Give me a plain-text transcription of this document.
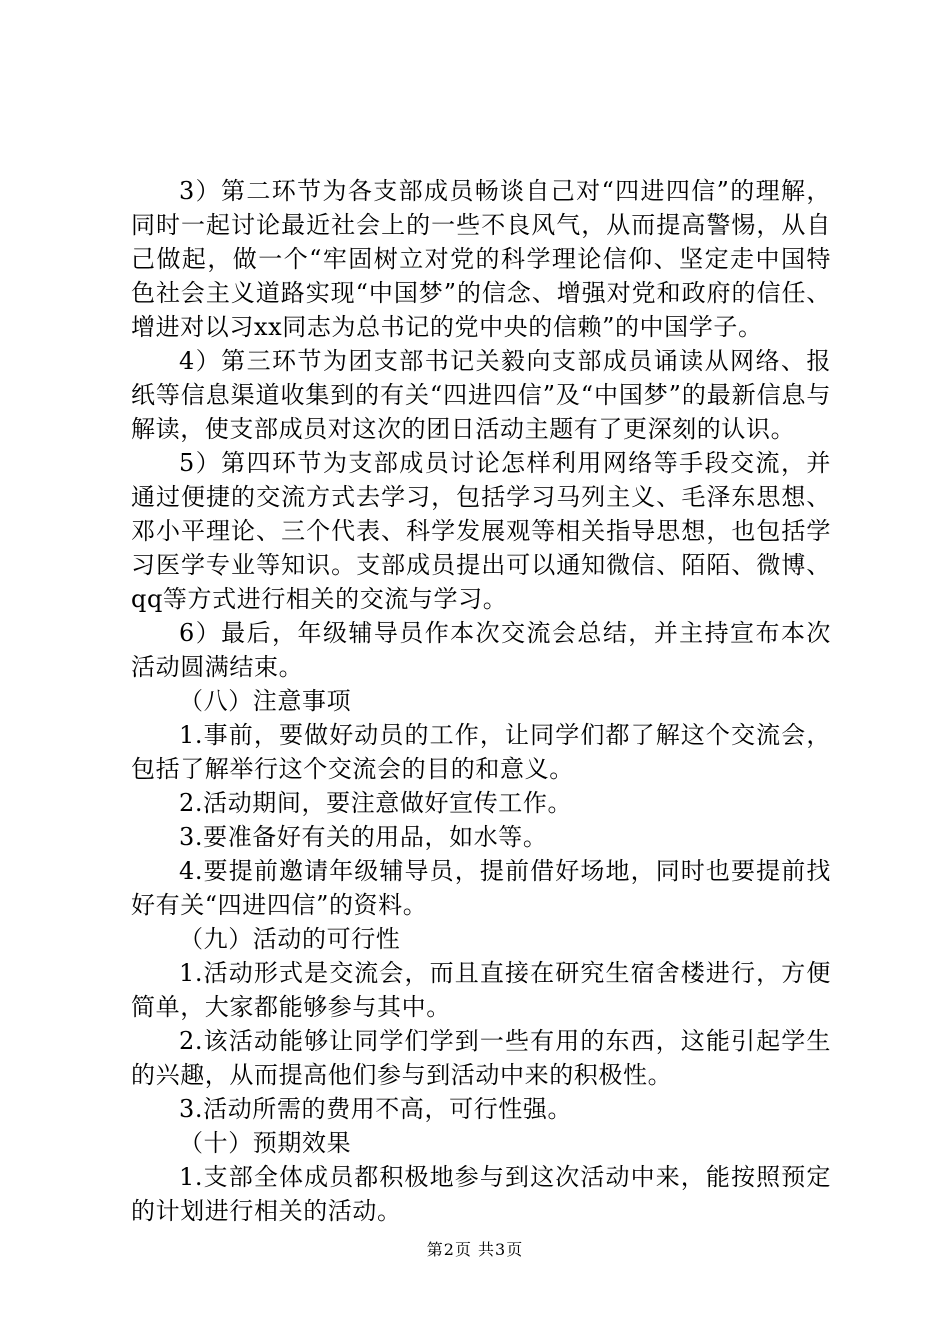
3）第二环节为各支部成员畅谈自己对“四进四信”的理解，同时一起讨论最近社会上的一些不良风气，从而提高警惕，从自己做起，做一个“牢固树立对党的科学理论信仰、坚定走中国特色社会主义道路实现“中国梦”的信念、增强对党和政府的信任、增进对以习xx同志为总书记的党中央的信赖”的中国学子。

4）第三环节为团支部书记关毅向支部成员诵读从网络、报纸等信息渠道收集到的有关“四进四信”及“中国梦”的最新信息与解读，使支部成员对这次的团日活动主题有了更深刻的认识。

5）第四环节为支部成员讨论怎样利用网络等手段交流，并通过便捷的交流方式去学习，包括学习马列主义、毛泽东思想、邓小平理论、三个代表、科学发展观等相关指导思想，也包括学习医学专业等知识。支部成员提出可以通知微信、陌陌、微博、qq等方式进行相关的交流与学习。

6）最后，年级辅导员作本次交流会总结，并主持宣布本次活动圆满结束。

（八）注意事项

1.事前，要做好动员的工作，让同学们都了解这个交流会，包括了解举行这个交流会的目的和意义。

2.活动期间，要注意做好宣传工作。

3.要准备好有关的用品，如水等。

4.要提前邀请年级辅导员，提前借好场地，同时也要提前找好有关“四进四信”的资料。

（九）活动的可行性

1.活动形式是交流会，而且直接在研究生宿舍楼进行，方便简单，大家都能够参与其中。

2.该活动能够让同学们学到一些有用的东西，这能引起学生的兴趣，从而提高他们参与到活动中来的积极性。

3.活动所需的费用不高，可行性强。

（十）预期效果

1.支部全体成员都积极地参与到这次活动中来，能按照预定的计划进行相关的活动。

第2页 共3页
